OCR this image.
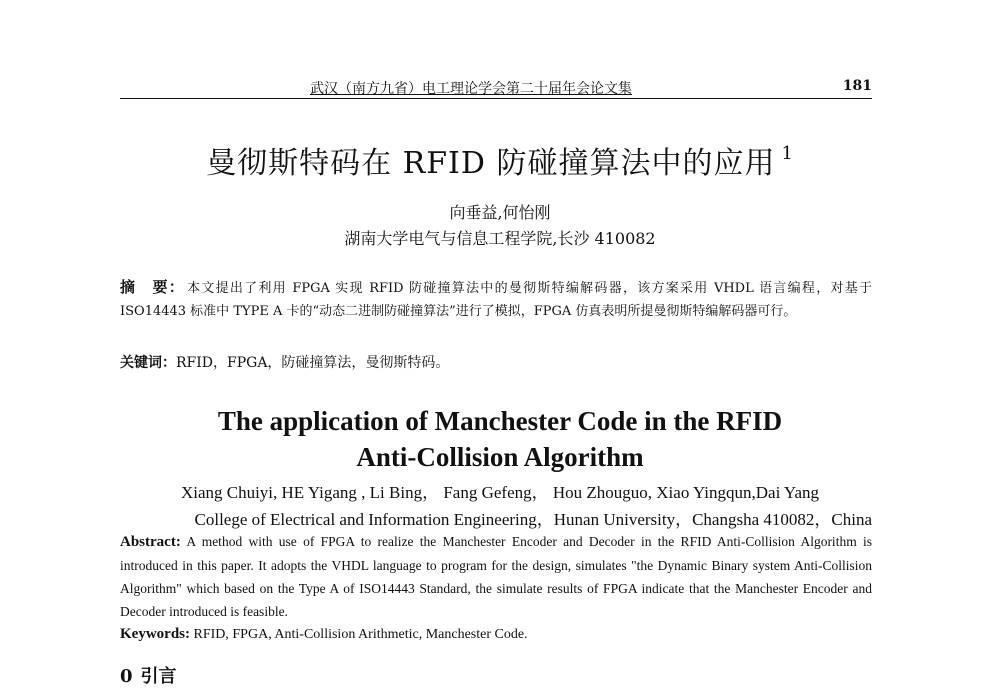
武汉（南方九省）电工理论学会第二十届年会论文集	181
曼彻斯特码在 RFID 防碰撞算法中的应用 $^1$
向垂益,何怡刚
湖南大学电气与信息工程学院,长沙 410082
摘　要： 本文提出了利用 FPGA 实现 RFID 防碰撞算法中的曼彻斯特编解码器，该方案采用 VHDL 语言编程，对基于 ISO14443 标准中 TYPE A 卡的“动态二进制防碰撞算法”进行了模拟，FPGA 仿真表明所提曼彻斯特编解码器可行。
关键词：RFID，FPGA，防碰撞算法，曼彻斯特码。
The application of Manchester Code in the RFID
Anti-Collision Algorithm
Xiang Chuiyi, HE Yigang , Li Bing， Fang Gefeng， Hou Zhouguo, Xiao Yingqun,Dai Yang
College of Electrical and Information Engineering，Hunan University，Changsha 410082，China
Abstract: A method with use of FPGA to realize the Manchester Encoder and Decoder in the RFID Anti-Collision Algorithm is introduced in this paper. It adopts the VHDL language to program for the design, simulates "the Dynamic Binary system Anti-Collision Algorithm" which based on the Type A of ISO14443 Standard, the simulate results of FPGA indicate that the Manchester Encoder and Decoder introduced is feasible.
Keywords: RFID, FPGA, Anti-Collision Arithmetic, Manchester Code.
0 引言
